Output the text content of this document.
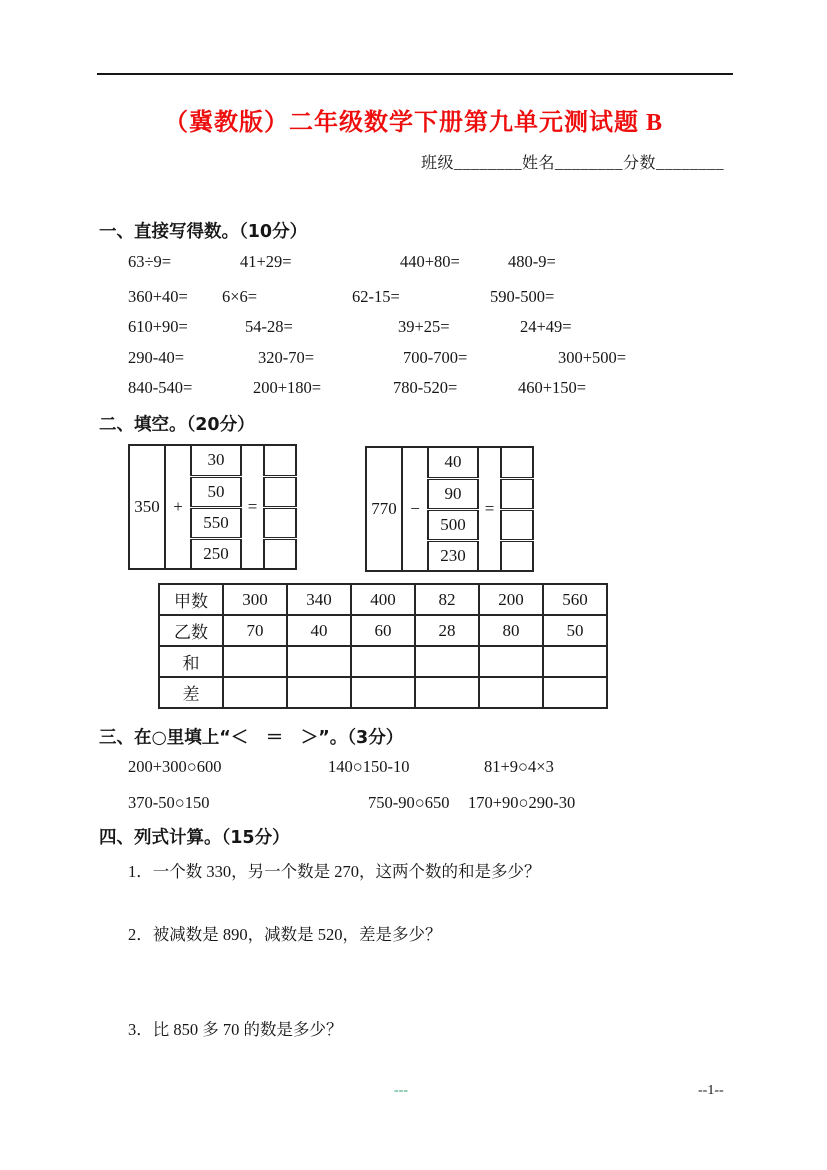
（冀教版）二年级数学下册第九单元测试题 B
班级________姓名________分数________
一、直接写得数。（10分）
63÷9=	41+29=	440+80=	480-9=
360+40= 6×6=	62-15=	590-500=
610+90=	54-28=	39+25=	24+49=
290-40=	320-70=	700-700=	300+500=
840-540=	200+180=	780-520=	460+150=
二、填空。（20分）
350	+	30	=	
		50		
		550		
		250		
770	−	40	=	
		90		
		500		
		230		
甲数	300	340	400	82	200	560
乙数	70	40	60	28	80	50
和						
差						
三、在○里填上“＜　＝　＞”。（3分）
200+300○600	140○150-10	81+9○4×3
370-50○150	750-90○650 170+90○290-30
四、列式计算。（15分）
1．一个数 330，另一个数是 270，这两个数的和是多少？
2．被减数是 890，减数是 520，差是多少？
3．比 850 多 70 的数是多少？
---	--1--
